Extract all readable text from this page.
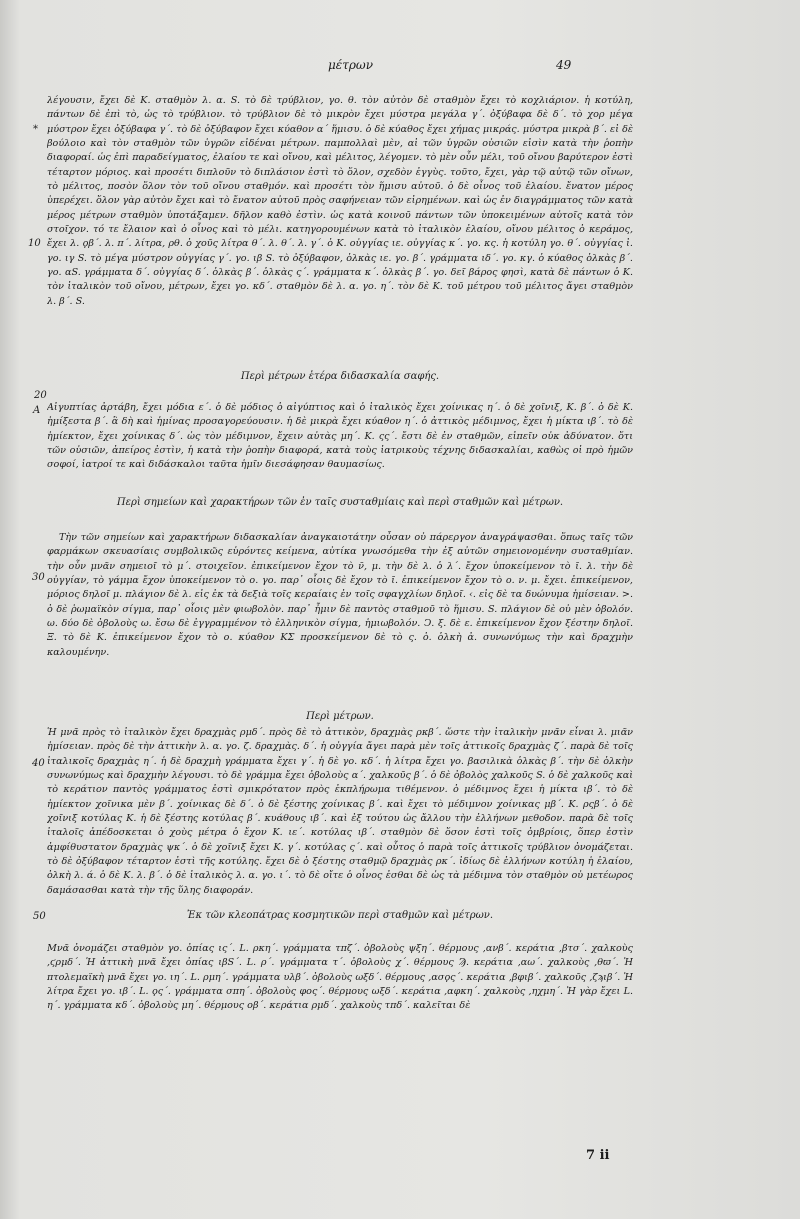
μέτρων	49
*
10
20
A
30
40
50

λέγουσιν, ἔχει δὲ Κ. σταθμὸν λ. α. S. τὸ δὲ τρύβλιον, γο. θ. τὸν αὐτὸν δὲ σταθμὸν ἔχει τὸ κοχλιάριον. ἡ κοτύλη, πάντων δὲ ἐπὶ τὸ, ὡς τὸ τρύβλιον. τὸ τρύβλιον δὲ τὸ μικρὸν ἔχει μύστρα μεγάλα γ´. ὀξύβαφα δὲ δ´. τὸ χορ μέγα μύστρον ἔχει ὀξύβαφα γ´. τὸ δὲ ὀξύβαφον ἔχει κύαθον α΄ ἥμισυ. ὁ δὲ κύαθος ἔχει χήμας μικράς. μύστρα μικρὰ β´. εἰ δὲ βούλοιο καὶ τὸν σταθμὸν τῶν ὑγρῶν εἰδέναι μέτρων. παμπολλαὶ μὲν, αἱ τῶν ὑγρῶν οὐσιῶν εἰσὶν κατὰ τὴν ῥοπὴν διαφοραί. ὡς ἐπὶ παραδείγματος, ἐλαίου τε καὶ οἴνου, καὶ μέλιτος, λέγομεν. τὸ μὲν οὖν μέλι, τοῦ οἴνου βαρύτερον ἐστὶ τέταρτον μόριος. καὶ προσέτι διπλοῦν τὸ διπλάσιον ἐστὶ τὸ ὅλον, σχεδὸν ἐγγὺς. τοῦτο, ἔχει, γὰρ τῷ αὐτῷ τῶν οἴνων, τὸ μέλιτος, ποσὸν ὅλον τὸν τοῦ οἴνου σταθμόν. καὶ προσέτι τὸν ἥμισυ αὐτοῦ. ὁ δὲ οἶνος τοῦ ἐλαίου. ἔνατον μέρος ὑπερέχει. ὅλον γὰρ αὐτὸν ἔχει καὶ τὸ ἔνατον αὐτοῦ πρὸς σαφήνειαν τῶν εἰρημένων. καὶ ὡς ἐν διαγράμματος τῶν κατὰ μέρος μέτρων σταθμὸν ὑποτάξαμεν. δῆλον καθὸ ἐστὶν. ὡς κατὰ κοινοῦ πάντων τῶν ὑποκειμένων αὐτοῖς κατὰ τὸν στοῖχον. τό τε ἔλαιον καὶ ὁ οἶνος καὶ τὸ μέλι. κατηγορουμένων κατὰ τὸ ἰταλικὸν ἐλαίου, οἴνου μέλιτος ὁ κεράμος, ἔχει λ. ϙβ´. λ. π´. λίτρα, ρθ. ὁ χοῦς λίτρα θ´. λ. θ´. λ. γ´. ὁ Κ. οὐγγίας ιε. οὐγγίας κ´. γο. κς. ἡ κοτύλη γο. θ´. οὐγγίας ἰ. γο. ιγ S. τὸ μέγα μύστρον οὐγγίας γ´. γο. ιβ S. τὸ ὀξύβαφον, ὁλκὰς ιε. γο. β´. γράμματα ιδ´. γο. κγ. ὁ κύαθος ὁλκὰς β´. γο. αS. γράμματα δ´. οὐγγίας δ´. ὁλκὰς β´. ὁλκὰς ς´. γράμματα κ´. ὁλκὰς β´. γο. δεῖ βάρος φησὶ, κατὰ δὲ πάντων ὁ Κ. τὸν ἰταλικὸν τοῦ οἴνου, μέτρων, ἔχει γο. κδ´. σταθμὸν δὲ λ. α. γο. η´. τὸν δὲ Κ. τοῦ μέτρου τοῦ μέλιτος ἄγει σταθμὸν λ. β´. S.

Περὶ μέτρων ἑτέρα διδασκαλία σαφής.

Αἰγυπτίας ἀρτάβη, ἔχει μόδια ε´. ὁ δὲ μόδιος ὁ αἰγύπτιος καὶ ὁ ἰταλικὸς ἔχει χοίνικας η´. ὁ δὲ χοῖνιξ, Κ. β´. ὁ δὲ Κ. ἡμίξεστα β´. ἃ δὴ καὶ ἡμίνας προσαγορεύουσιν. ἡ δὲ μικρὰ ἔχει κύαθον η´. ὁ ἀττικὸς μέδιμνος, ἔχει ἡ μίκτα ιβ´. τὸ δὲ ἡμίεκτον, ἔχει χοίνικας δ´. ὡς τὸν μέδιμνον, ἔχειν αὐτὰς μη´. Κ. ςς´. ἔστι δὲ ἐν σταθμῶν, εἰπεῖν οὐκ ἀδύνατον. ὅτι τῶν οὐσιῶν, ἀπείρος ἐστὶν, ἡ κατὰ τὴν ῥοπὴν διαφορά, κατὰ τοὺς ἰατρικοὺς τέχνης διδασκαλίαι, καθὼς οἱ πρὸ ἡμῶν σοφοί, ἰατροί τε καὶ διδάσκαλοι ταῦτα ἡμῖν διεσάφησαν θαυμασίως.

Περὶ σημείων καὶ χαρακτήρων τῶν ἐν ταῖς συσταθμίαις καὶ περὶ σταθμῶν καὶ μέτρων.

Τὴν τῶν σημείων καὶ χαρακτήρων διδασκαλίαν ἀναγκαιοτάτην οὖσαν οὐ πάρεργον ἀναγράψασθαι. ὅπως ταῖς τῶν φαρμάκων σκευασίαις συμβολικῶς εὑρόντες κείμενα, αὐτίκα γνωσόμεθα τὴν ἐξ αὐτῶν σημειονομένην συσταθμίαν. τὴν οὖν μνᾶν σημειοῖ τὸ μ´. στοιχεῖον. ἐπικείμενον ἔχον τὸ ν̄, μ. τὴν δὲ λ. ὁ λ´. ἔχον ὑποκείμενον τὸ ῑ. λ. τὴν δὲ οὐγγίαν, τὸ γάμμα ἔχον ὑποκείμενον τὸ ο. γο. παρ᾽ οἷοις δὲ ἔχον τὸ ῑ. ἐπικείμενον ἔχον τὸ ο. ν. μ. ἔχει. ἐπικείμενον, μόριος δηλοῖ μ. πλάγιον δὲ λ. εἰς ἐκ τὰ δεξιὰ τοῖς κεραίαις ἐν τοῖς σφαγχλίων δηλοῖ. ‹. εἰς δὲ τα δυώνυμα ἡμίσειαν. >. ὁ δὲ ῥωμαϊκὸν σίγμα, παρ᾽ οἷοις μὲν φιωβολὸν. παρ᾽ ἦμιν δὲ παντὸς σταθμοῦ τὸ ἥμισυ. S. πλάγιον δὲ οὐ μὲν ὀβολόν. ω. δύο δὲ ὀβολοὺς ω. ἔσω δὲ ἐγγραμμένον τὸ ἑλληνικὸν σίγμα, ἡμιωβολόν. Ͻ. ξ. δὲ ε. ἐπικείμενον ἔχον ξέστην δηλοῖ. Ξ. τὸ δὲ Κ. ἐπικείμενον ἔχον τὸ ο. κύαθον ΚΣ προσκείμενον δὲ τὸ ς. ὁ. ὁλκὴ ἀ. συνωνύμως τὴν καὶ δραχμὴν καλουμένην.

Περὶ μέτρων.

Ἡ μνᾶ πρὸς τὸ ἰταλικὸν ἔχει δραχμὰς ρμδ´. πρὸς δὲ τὸ ἀττικὸν, δραχμὰς ρκβ´. ὥστε τὴν ἰταλικὴν μνᾶν εἶναι λ. μιᾶν ἡμίσειαν. πρὸς δὲ τὴν ἀττικὴν λ. α. γο. ζ. δραχμὰς. δ´. ἡ οὐγγία ἄγει παρὰ μὲν τοῖς ἀττικοῖς δραχμὰς ζ´. παρὰ δὲ τοῖς ἰταλικοῖς δραχμὰς η´. ἡ δὲ δραχμὴ γράμματα ἔχει γ´. ἡ δὲ γο. κδ´. ἡ λίτρα ἔχει γο. βασιλικὰ ὁλκὰς β´. τὴν δὲ ὁλκὴν συνωνύμως καὶ δραχμὴν λέγουσι. τὸ δὲ γράμμα ἔχει ὀβολοὺς α´. χαλκοῦς β´. ὁ δὲ ὀβολὸς χαλκοῦς S. ὁ δὲ χαλκοῦς καὶ τὸ κεράτιον παντὸς γράμματος ἐστὶ σμικρότατον πρὸς ἐκπλήρωμα τιθέμενον. ὁ μέδιμνος ἔχει ἡ μίκτα ιβ´. τὸ δὲ ἡμίεκτον χοῖνικα μὲν β´. χοίνικας δὲ δ´. ὁ δὲ ξέστης χοίνικας β´. καὶ ἔχει τὸ μέδιμνον χοίνικας μβ´. Κ. ρςβ´. ὁ δὲ χοῖνιξ κοτύλας Κ. ἡ δὲ ξέστης κοτύλας β´. κυάθους ιβ´. καὶ ἐξ τούτου ὡς ἄλλου τὴν ἐλλήνων μεθοδον. παρὰ δὲ τοῖς ἰταλοῖς ἀπέδοσκεται ὁ χοὺς μέτρα ὁ ἔχον Κ. ιε´. κοτύλας ιβ´. σταθμὸν δὲ ὅσον ἐστὶ τοῖς ὀμβρίοις, ὅπερ ἐστὶν ἀμφίθυστατον δραχμὰς ψκ´. ὁ δὲ χοῖνιξ ἔχει Κ. γ´. κοτύλας ς´. καὶ οὗτος ὁ παρὰ τοῖς ἀττικοῖς τρύβλιον ὀνομάζεται. τὸ δὲ ὀξύβαφον τέταρτον ἐστὶ τῆς κοτύλης. ἔχει δὲ ὁ ξέστης σταθμῷ δραχμὰς ρκ´. ἰδίως δὲ ἑλλήνων κοτύλη ἡ ἐλαίου, ὁλκὴ λ. ά. ὁ δὲ Κ. λ. β´. ὁ δὲ ἰταλικὸς λ. α. γο. ι´. τὸ δὲ οἴτε ὁ οἶνος ἐσθαι δὲ ὡς τὰ μέδιμνα τὸν σταθμὸν οὐ μετέωρος δαμάσασθαι κατὰ τὴν τῆς ὕλης διαφοράν.

Ἐκ τῶν κλεοπάτρας κοσμητικῶν περὶ σταθμῶν καὶ μέτρων.

Μνᾶ ὀνομάζει σταθμὸν γο. ὀπίας ις´. L. ρκη´. γράμματα τπζ´. ὀβολοὺς ψξη´. θέρμους ,ανβ´. κεράτια ,βτσ´. χαλκοὺς ,ϛρμδ´. Ἡ ἀττικὴ μνᾶ ἔχει ὀπίας ιβS´. L. ρ´. γράμματα τ´. ὀβολοὺς χ´. θέρμους Ϡ. κεράτια ,αω´. χαλκοὺς ,θϖ´. Ἡ πτολεμαϊκὴ μνᾶ ἔχει γο. ιη´. L. ρμη´. γράμματα υλβ´. ὀβολοὺς ωξδ´. θέρμους ,ασϙς´. κεράτια ,βφιβ´. χαλκοῦς ,ζϡιβ´. Ἡ λίτρα ἔχει γο. ιβ´. L. ϙς´. γράμματα σπη´. ὀβολοὺς φος´. θέρμους ωξδ´. κεράτια ,αφκη´. χαλκοὺς ,ηχμη´. Ἡ γὰρ ἔχει L. η´. γράμματα κδ´. ὀβολοὺς μη´. θέρμους οβ´. κεράτια ρμδ´. χαλκοὺς τπδ´. καλεῖται δὲ

7 ii
